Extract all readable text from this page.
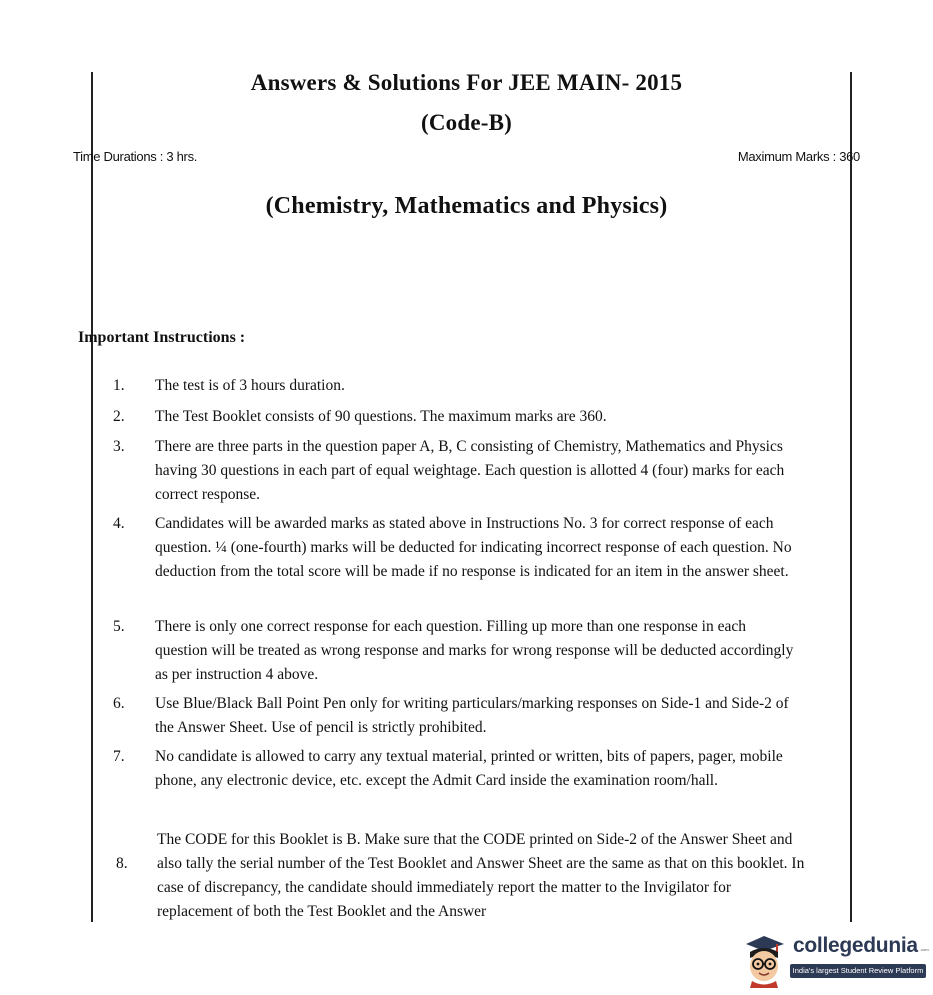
Answers & Solutions For JEE MAIN- 2015
(Code-B)
Time Durations : 3 hrs.	Maximum Marks : 360
(Chemistry, Mathematics and Physics)
Important Instructions :
1.	The test is of 3 hours duration.
2.	The Test Booklet consists of 90 questions. The maximum marks are 360.
3.	There are three parts in the question paper A, B, C consisting of Chemistry, Mathematics and Physics having 30 questions in each part of equal weightage. Each question is allotted 4 (four) marks for each correct response.
4.	Candidates will be awarded marks as stated above in Instructions No. 3 for correct response of each question. ¼ (one-fourth) marks will be deducted for indicating incorrect response of each question. No deduction from the total score will be made if no response is indicated for an item in the answer sheet.
5.	There is only one correct response for each question. Filling up more than one response in each question will be treated as wrong response and marks for wrong response will be deducted accordingly as per instruction 4 above.
6.	Use Blue/Black Ball Point Pen only for writing particulars/marking responses on Side-1 and Side-2 of the Answer Sheet. Use of pencil is strictly prohibited.
7.	No candidate is allowed to carry any textual material, printed or written, bits of papers, pager, mobile phone, any electronic device, etc. except the Admit Card inside the examination room/hall.
8.
The CODE for this Booklet is B. Make sure that the CODE printed on Side-2 of the Answer Sheet and also tally the serial number of the Test Booklet and Answer Sheet are the same as that on this booklet. In case of discrepancy, the candidate should immediately report the matter to the Invigilator for replacement of both the Test Booklet and the Answer
collegedunia .com
India's largest Student Review Platform
